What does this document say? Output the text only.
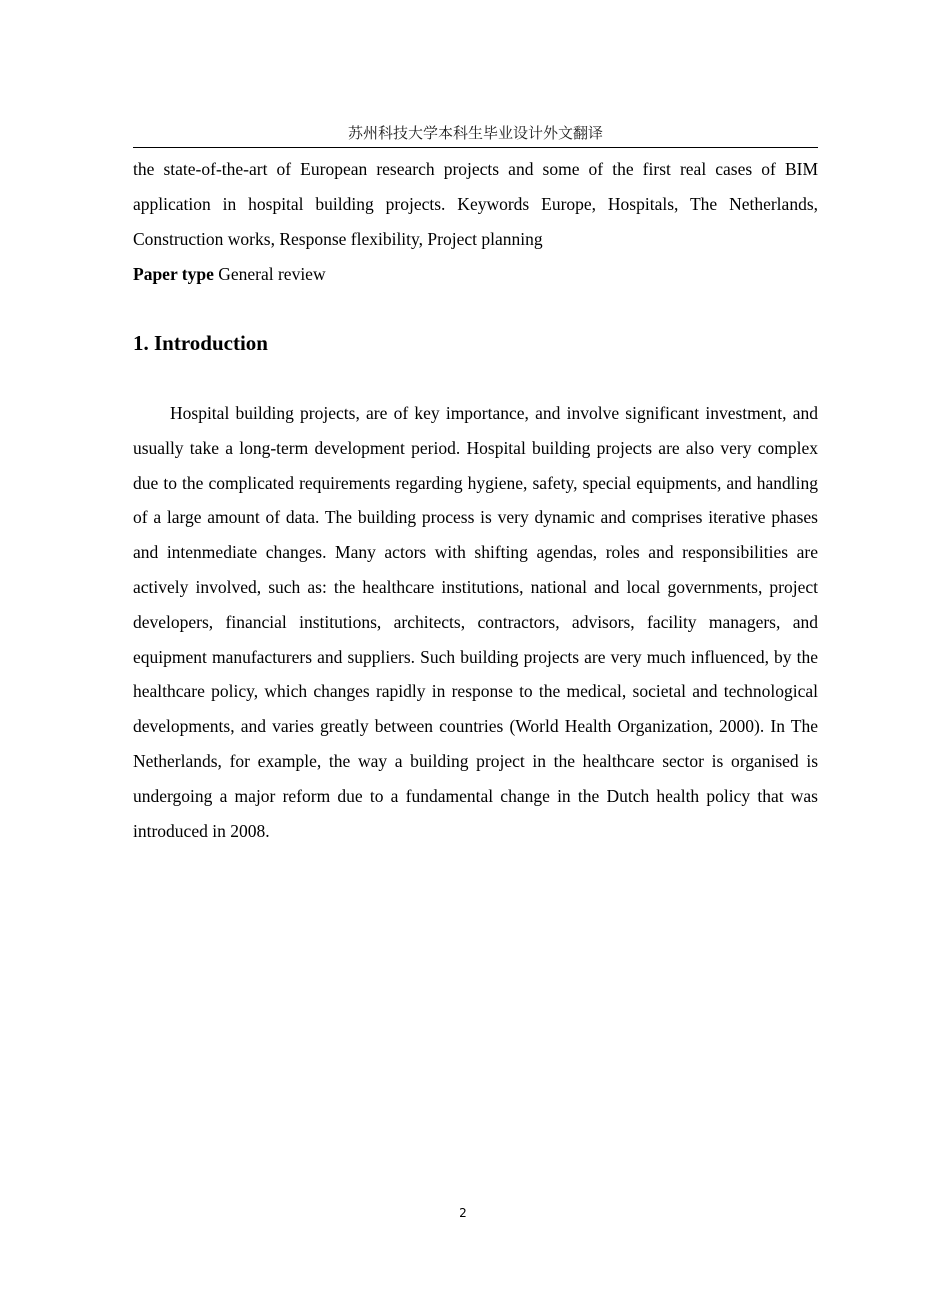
苏州科技大学本科生毕业设计外文翻译

the state-of-the-art of European research projects and some of the first real cases of BIM application in hospital building projects. Keywords Europe, Hospitals, The Netherlands, Construction works, Response flexibility, Project planning

Paper type General review

1. Introduction

Hospital building projects, are of key importance, and involve significant investment, and usually take a long-term development period. Hospital building projects are also very complex due to the complicated requirements regarding hygiene, safety, special equipments, and handling of a large amount of data. The building process is very dynamic and comprises iterative phases and intenmediate changes. Many actors with shifting agendas, roles and responsibilities are actively involved, such as: the healthcare institutions, national and local governments, project developers, financial institutions, architects, contractors, advisors, facility managers, and equipment manufacturers and suppliers. Such building projects are very much influenced, by the healthcare policy, which changes rapidly in response to the medical, societal and technological developments, and varies greatly between countries (World Health Organization, 2000). In The Netherlands, for example, the way a building project in the healthcare sector is organised is undergoing a major reform due to a fundamental change in the Dutch health policy that was introduced in 2008.

2
